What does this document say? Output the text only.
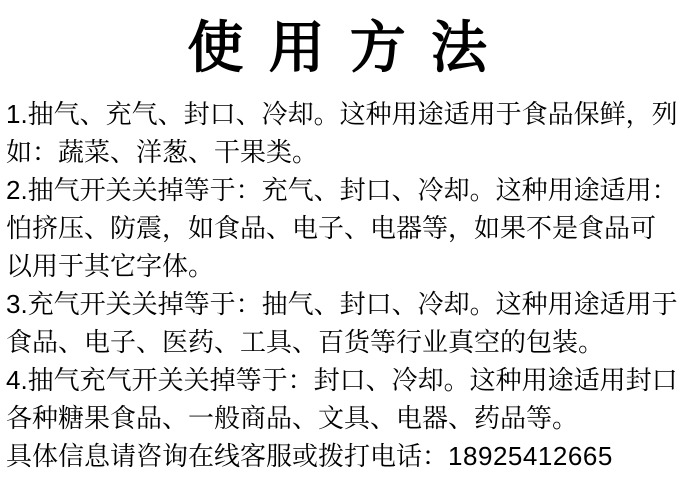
使 用 方 法
1.抽气、充气、封口、冷却。这种用途适用于食品保鲜，列
如：蔬菜、洋葱、干果类。
2.抽气开关关掉等于：充气、封口、冷却。这种用途适用：
怕挤压、防震，如食品、电子、电器等，如果不是食品可
以用于其它字体。
3.充气开关关掉等于：抽气、封口、冷却。这种用途适用于
食品、电子、医药、工具、百货等行业真空的包装。
4.抽气充气开关关掉等于：封口、冷却。这种用途适用封口
各种糖果食品、一般商品、文具、电器、药品等。
具体信息请咨询在线客服或拨打电话：18925412665
